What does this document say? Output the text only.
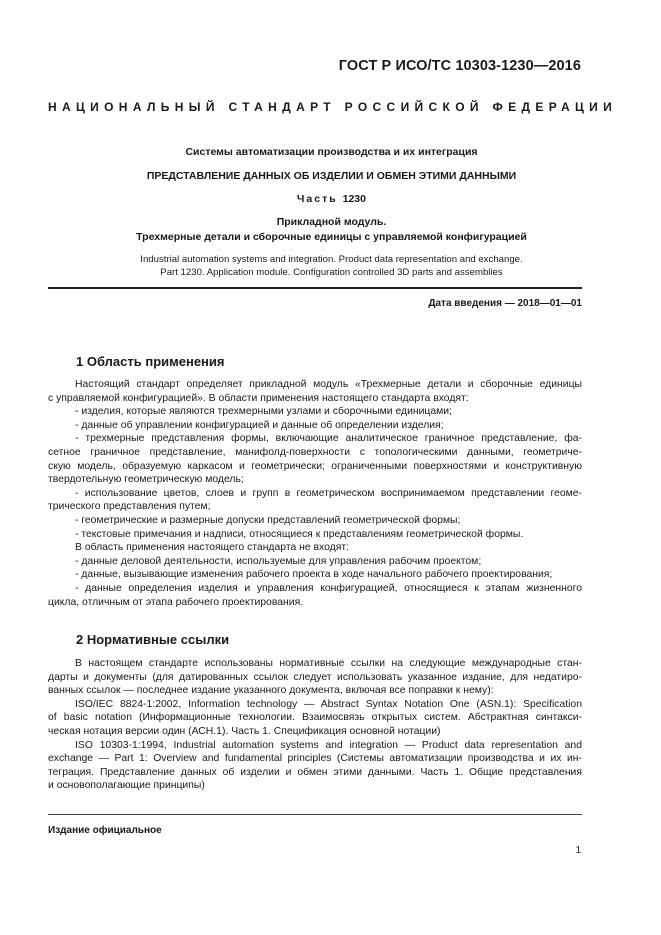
ГОСТ Р ИСО/ТС 10303-1230—2016
НАЦИОНАЛЬНЫЙ СТАНДАРТ РОССИЙСКОЙ ФЕДЕРАЦИИ
Системы автоматизации производства и их интеграция
ПРЕДСТАВЛЕНИЕ ДАННЫХ ОБ ИЗДЕЛИИ И ОБМЕН ЭТИМИ ДАННЫМИ
Часть 1230
Прикладной модуль.
Трехмерные детали и сборочные единицы с управляемой конфигурацией
Industrial automation systems and integration. Product data representation and exchange.
Part 1230. Application module. Configuration controlled 3D parts and assemblies
Дата введения — 2018—01—01
1 Область применения

Настоящий стандарт определяет прикладной модуль «Трехмерные детали и сборочные единицы

с управляемой конфигурацией». В области применения настоящего стандарта входят:

- изделия, которые являются трехмерными узлами и сборочными единицами;

- данные об управлении конфигурацией и данные об определении изделия;

- трехмерные представления формы, включающие аналитическое граничное представление, фа-

сетное граничное представление, манифолд-поверхности с топологическими данными, геометриче-

скую модель, образуемую каркасом и геометрически; ограниченными поверхностями и конструктивную

твердотельную геометрическую модель;

- использование цветов, слоев и групп в геометрическом воспринимаемом представлении геоме-

трического представления путем;

- геометрические и размерные допуски представлений геометрической формы;

- текстовые примечания и надписи, относящиеся к представлениям геометрической формы.

В область применения настоящего стандарта не входят:

- данные деловой деятельности, используемые для управления рабочим проектом;

- данные, вызывающие изменения рабочего проекта в ходе начального рабочего проектирования;

- данные определения изделия и управления конфигурацией, относящиеся к этапам жизненного

цикла, отличным от этапа рабочего проектирования.

2 Нормативные ссылки

В настоящем стандарте использованы нормативные ссылки на следующие международные стан-

дарты и документы (для датированных ссылок следует использовать указанное издание, для недатиро-

ванных ссылок — последнее издание указанного документа, включая все поправки к нему):

ISO/IEC 8824-1:2002, Information technology — Abstract Syntax Notation One (ASN.1): Specification

of basic notation (Информационные технологии. Взаимосвязь открытых систем. Абстрактная синтакси-

ческая нотация версии один (АСН.1). Часть 1. Спецификация основной нотации)

ISO 10303-1:1994, Industrial automation systems and integration — Product data representation and

exchange — Part 1: Overview and fundamental principles (Системы автоматизации производства и их ин-

теграция. Представление данных об изделии и обмен этими данными. Часть 1. Общие представления

и основополагающие принципы)

Издание официальное
1
